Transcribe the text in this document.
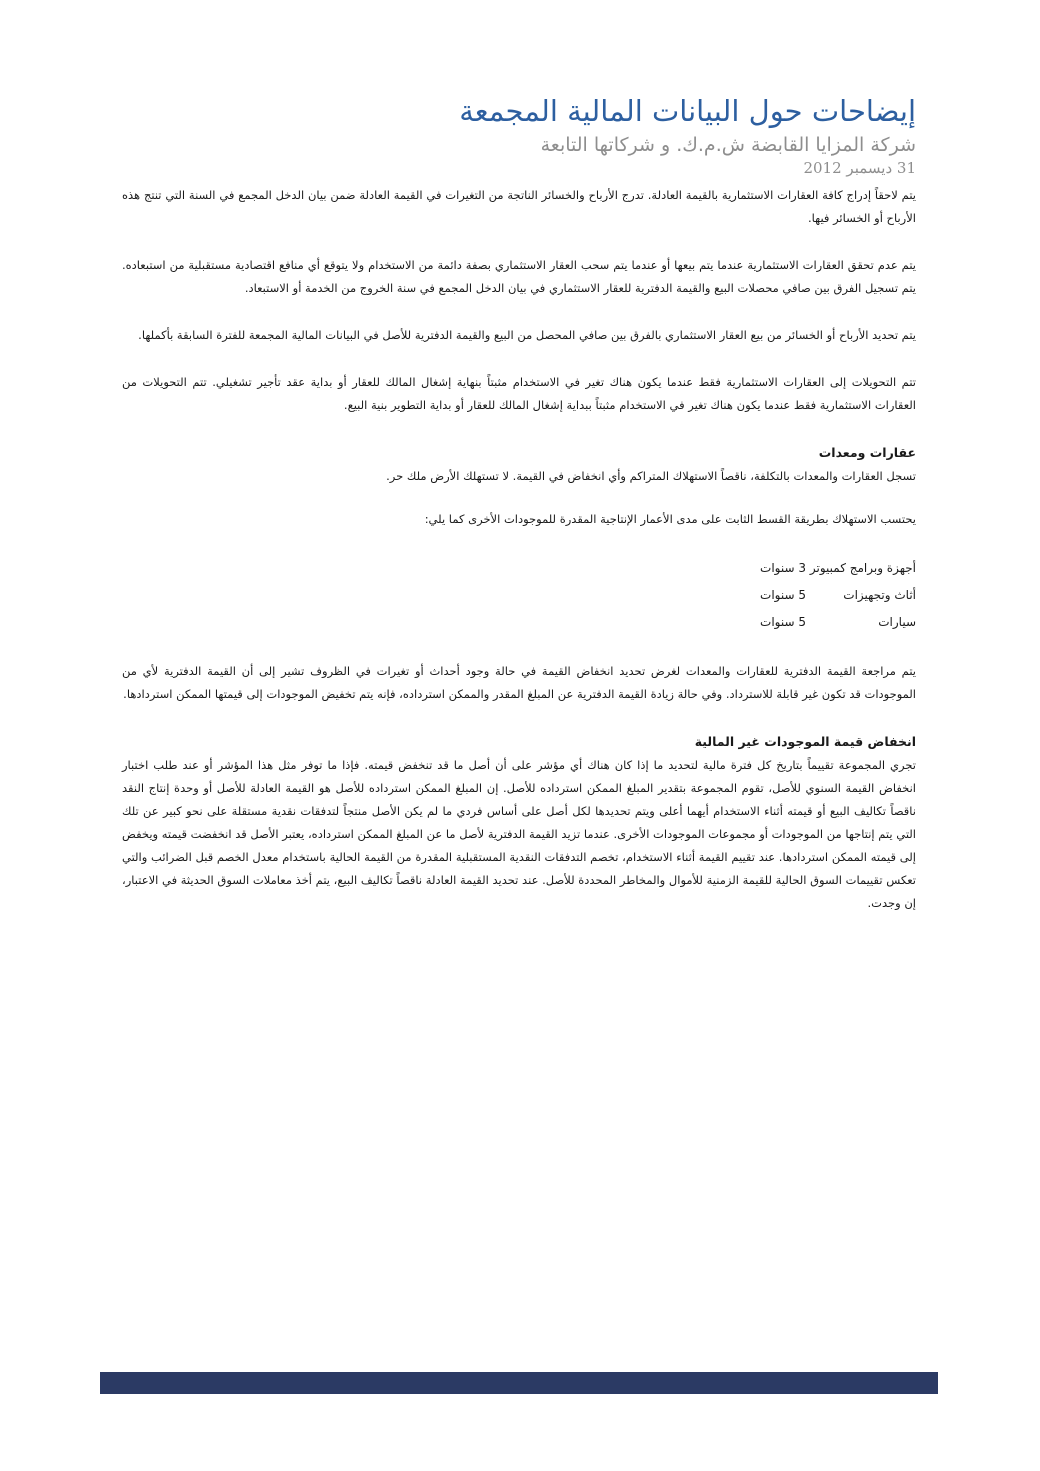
إيضاحات حول البيانات المالية المجمعة
شركة المزايا القابضة ش.م.ك. و شركاتها التابعة
31 ديسمبر 2012

يتم لاحقاً إدراج كافة العقارات الاستثمارية بالقيمة العادلة. تدرج الأرباح والخسائر الناتجة من التغيرات في القيمة العادلة ضمن بيان الدخل المجمع في السنة التي تنتج هذه الأرباح أو الخسائر فيها.

يتم عدم تحقق العقارات الاستثمارية عندما يتم بيعها أو عندما يتم سحب العقار الاستثماري بصفة دائمة من الاستخدام ولا يتوقع أي منافع اقتصادية مستقبلية من استبعاده. يتم تسجيل الفرق بين صافي محصلات البيع والقيمة الدفترية للعقار الاستثماري في بيان الدخل المجمع في سنة الخروج من الخدمة أو الاستبعاد.

يتم تحديد الأرباح أو الخسائر من بيع العقار الاستثماري بالفرق بين صافي المحصل من البيع والقيمة الدفترية للأصل في البيانات المالية المجمعة للفترة السابقة بأكملها.

تتم التحويلات إلى العقارات الاستثمارية فقط عندما يكون هناك تغير في الاستخدام مثبتاً بنهاية إشغال المالك للعقار أو بداية عقد تأجير تشغيلي. تتم التحويلات من العقارات الاستثمارية فقط عندما يكون هناك تغير في الاستخدام مثبتاً ببداية إشغال المالك للعقار أو بداية التطوير بنية البيع.

عقارات ومعدات

تسجل العقارات والمعدات بالتكلفة، ناقصاً الاستهلاك المتراكم وأي انخفاض في القيمة. لا تستهلك الأرض ملك حر.

يحتسب الاستهلاك بطريقة القسط الثابت على مدى الأعمار الإنتاجية المقدرة للموجودات الأخرى كما يلي:

أجهزة وبرامج كمبيوتر
3 سنوات
أثاث وتجهيزات
5 سنوات
سيارات
5 سنوات

يتم مراجعة القيمة الدفترية للعقارات والمعدات لغرض تحديد انخفاض القيمة في حالة وجود أحداث أو تغيرات في الظروف تشير إلى أن القيمة الدفترية لأي من الموجودات قد تكون غير قابلة للاسترداد. وفي حالة زيادة القيمة الدفترية عن المبلغ المقدر والممكن استرداده، فإنه يتم تخفيض الموجودات إلى قيمتها الممكن استردادها.

انخفاض قيمة الموجودات غير المالية

تجري المجموعة تقييماً بتاريخ كل فترة مالية لتحديد ما إذا كان هناك أي مؤشر على أن أصل ما قد تنخفض قيمته. فإذا ما توفر مثل هذا المؤشر أو عند طلب اختبار انخفاض القيمة السنوي للأصل، تقوم المجموعة بتقدير المبلغ الممكن استرداده للأصل. إن المبلغ الممكن استرداده للأصل هو القيمة العادلة للأصل أو وحدة إنتاج النقد ناقصاً تكاليف البيع أو قيمته أثناء الاستخدام أيهما أعلى ويتم تحديدها لكل أصل على أساس فردي ما لم يكن الأصل منتجاً لتدفقات نقدية مستقلة على نحو كبير عن تلك التي يتم إنتاجها من الموجودات أو مجموعات الموجودات الأخرى. عندما تزيد القيمة الدفترية لأصل ما عن المبلغ الممكن استرداده، يعتبر الأصل قد انخفضت قيمته ويخفض إلى قيمته الممكن استردادها. عند تقييم القيمة أثناء الاستخدام، تخصم التدفقات النقدية المستقبلية المقدرة من القيمة الحالية باستخدام معدل الخصم قبل الضرائب والتي تعكس تقييمات السوق الحالية للقيمة الزمنية للأموال والمخاطر المحددة للأصل. عند تحديد القيمة العادلة ناقصاً تكاليف البيع، يتم أخذ معاملات السوق الحديثة في الاعتبار، إن وجدت.
